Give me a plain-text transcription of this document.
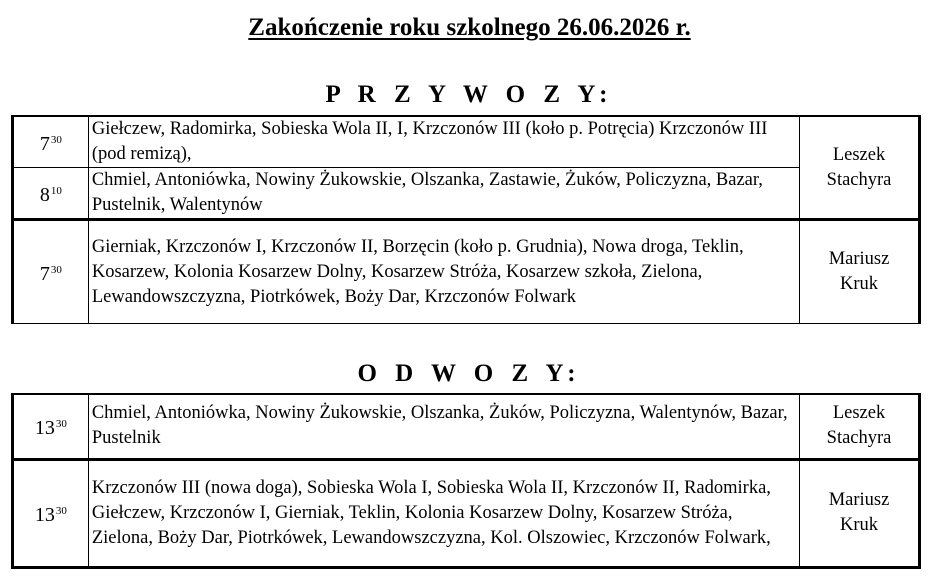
Zakończenie roku szkolnego 26.06.2026 r.
P R Z Y W O Z Y:
$7^{30}$	Giełczew, Radomirka, Sobieska Wola II, I, Krzczonów III (koło p. Potręcia) Krzczonów III (pod remizą),	Leszek
Stachyra

$8^{10}$	Chmiel, Antoniówka, Nowiny Żukowskie, Olszanka, Zastawie, Żuków, Policzyzna, Bazar, Pustelnik, Walentynów	
$7^{30}$	Gierniak, Krzczonów I, Krzczonów II, Borzęcin (koło p. Grudnia), Nowa droga, Teklin, Kosarzew, Kolonia Kosarzew Dolny, Kosarzew Stróża, Kosarzew szkoła, Zielona, Lewandowszczyzna, Piotrkówek, Boży Dar, Krzczonów Folwark	Mariusz
Kruk
O D W O Z Y:
$13^{30}$	Chmiel, Antoniówka, Nowiny Żukowskie, Olszanka, Żuków, Policzyzna, Walentynów, Bazar, Pustelnik	Leszek
Stachyra

$13^{30}$	Krzczonów III (nowa doga), Sobieska Wola I, Sobieska Wola II, Krzczonów II, Radomirka, Giełczew, Krzczonów I, Gierniak, Teklin, Kolonia Kosarzew Dolny, Kosarzew Stróża, Zielona, Boży Dar, Piotrkówek, Lewandowszczyzna, Kol. Olszowiec, Krzczonów Folwark,	Mariusz
Kruk
